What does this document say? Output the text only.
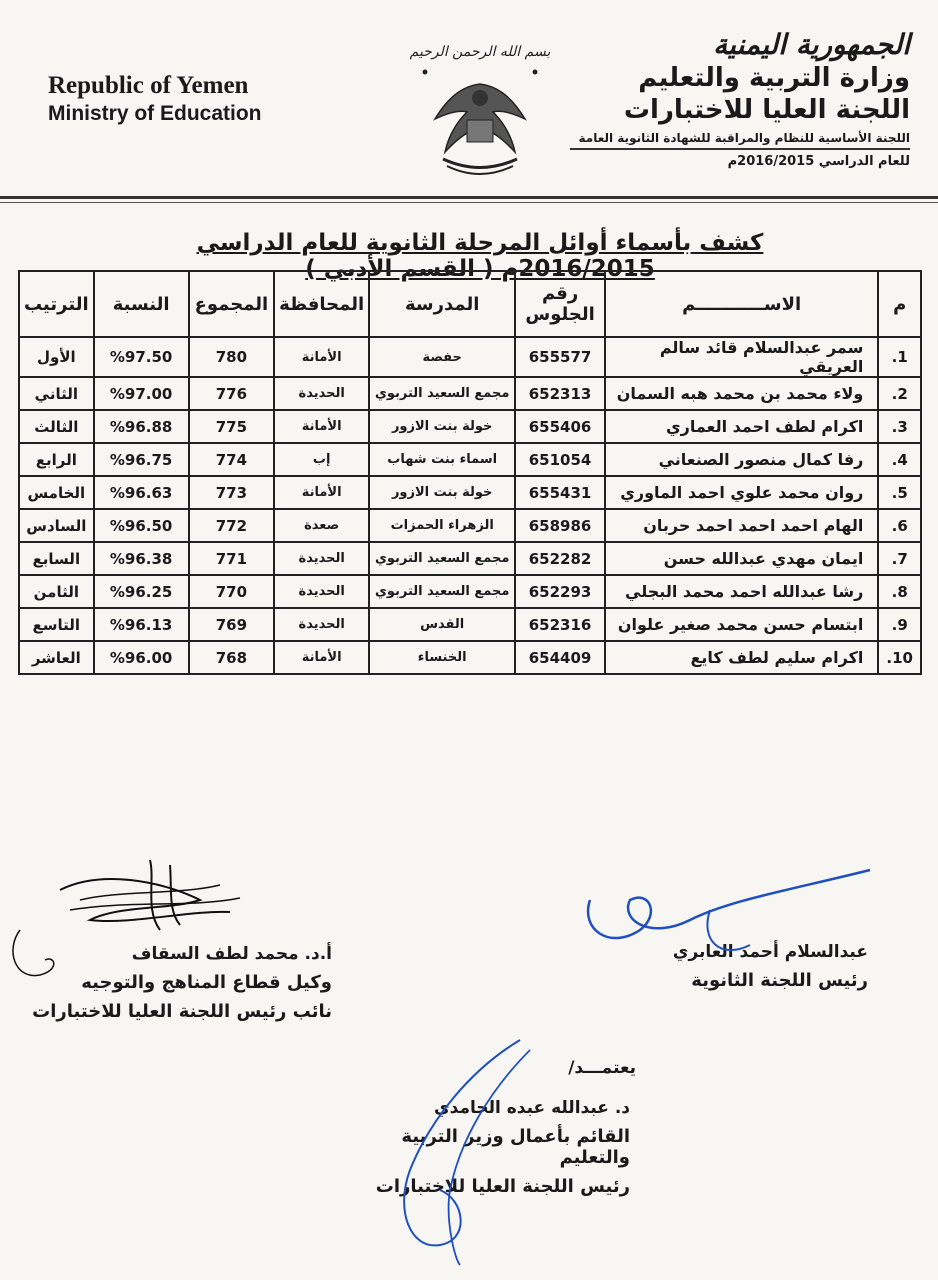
Republic of Yemen
Ministry of Education
بسم الله الرحمن الرحيم	الجمهورية اليمنية
وزارة التربية والتعليم
اللجنة العليا للاختبارات
اللجنة الأساسية للنظام والمراقبة للشهادة الثانوية العامة
للعام الدراسي 2016/2015م
كشف بأسماء أوائل المرحلة الثانوية للعام الدراسي 2016/2015م ( القسم الأدبي )
م	الاســـــــــــم	رقم الجلوس	المدرسة	المحافظة	المجموع	النسبة	الترتيب
1.	سمر عبدالسلام قائد سالم العريقي	655577	حفصة	الأمانة	780	%97.50	الأول
2.	ولاء محمد بن محمد هبه السمان	652313	مجمع السعيد التربوي	الحديدة	776	%97.00	الثاني
3.	اكرام لطف احمد العماري	655406	خولة بنت الازور	الأمانة	775	%96.88	الثالث
4.	رفا كمال منصور الصنعاني	651054	اسماء بنت شهاب	إب	774	%96.75	الرابع
5.	روان محمد علوي احمد الماوري	655431	خولة بنت الازور	الأمانة	773	%96.63	الخامس
6.	الهام احمد احمد احمد حربان	658986	الزهراء الحمزات	صعدة	772	%96.50	السادس
7.	ايمان مهدي عبدالله حسن	652282	مجمع السعيد التربوي	الحديدة	771	%96.38	السابع
8.	رشا عبدالله احمد محمد البجلي	652293	مجمع السعيد التربوي	الحديدة	770	%96.25	الثامن
9.	ابتسام حسن محمد صغير علوان	652316	القدس	الحديدة	769	%96.13	التاسع
10.	اكرام سليم لطف كايع	654409	الخنساء	الأمانة	768	%96.00	العاشر
أ.د. محمد لطف السقاف
وكيل قطاع المناهج والتوجيه
نائب رئيس اللجنة العليا للاختبارات
عبدالسلام أحمد العابري
رئيس اللجنة الثانوية
يعتمـــد/
د. عبدالله عبده الحامدي
القائم بأعمال وزير التربية والتعليم
رئيس اللجنة العليا للاختبارات
